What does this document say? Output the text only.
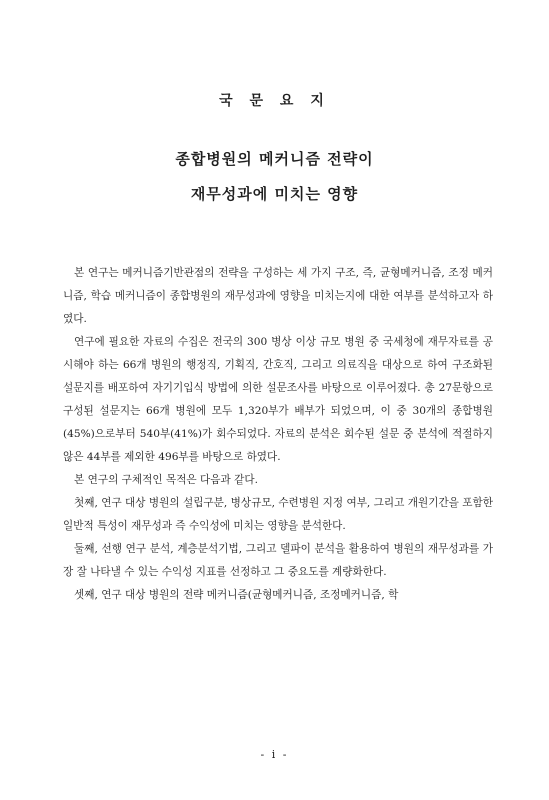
국 문 요 지
종합병원의 메커니즘 전략이
재무성과에 미치는 영향

본 연구는 메커니즘기반관점의 전략을 구성하는 세 가지 구조, 즉, 균형메커니즘, 조정 메커니즘, 학습 메커니즘이 종합병원의 재무성과에 영향을 미치는지에 대한 여부를 분석하고자 하였다.

연구에 필요한 자료의 수집은 전국의 300 병상 이상 규모 병원 중 국세청에 재무자료를 공시해야 하는 66개 병원의 행정직, 기획직, 간호직, 그리고 의료직을 대상으로 하여 구조화된 설문지를 배포하여 자기기입식 방법에 의한 설문조사를 바탕으로 이루어졌다. 총 27문항으로 구성된 설문지는 66개 병원에 모두 1,320부가 배부가 되었으며, 이 중 30개의 종합병원(45%)으로부터 540부(41%)가 회수되었다. 자료의 분석은 회수된 설문 중 분석에 적절하지 않은 44부를 제외한 496부를 바탕으로 하였다.

본 연구의 구체적인 목적은 다음과 같다.

첫째, 연구 대상 병원의 설립구분, 병상규모, 수련병원 지정 여부, 그리고 개원기간을 포함한 일반적 특성이 재무성과 즉 수익성에 미치는 영향을 분석한다.

둘째, 선행 연구 분석, 계층분석기법, 그리고 델파이 분석을 활용하여 병원의 재무성과를 가장 잘 나타낼 수 있는 수익성 지표를 선정하고 그 중요도를 계량화한다.

셋째, 연구 대상 병원의 전략 메커니즘(균형메커니즘, 조정메커니즘, 학

- i -
